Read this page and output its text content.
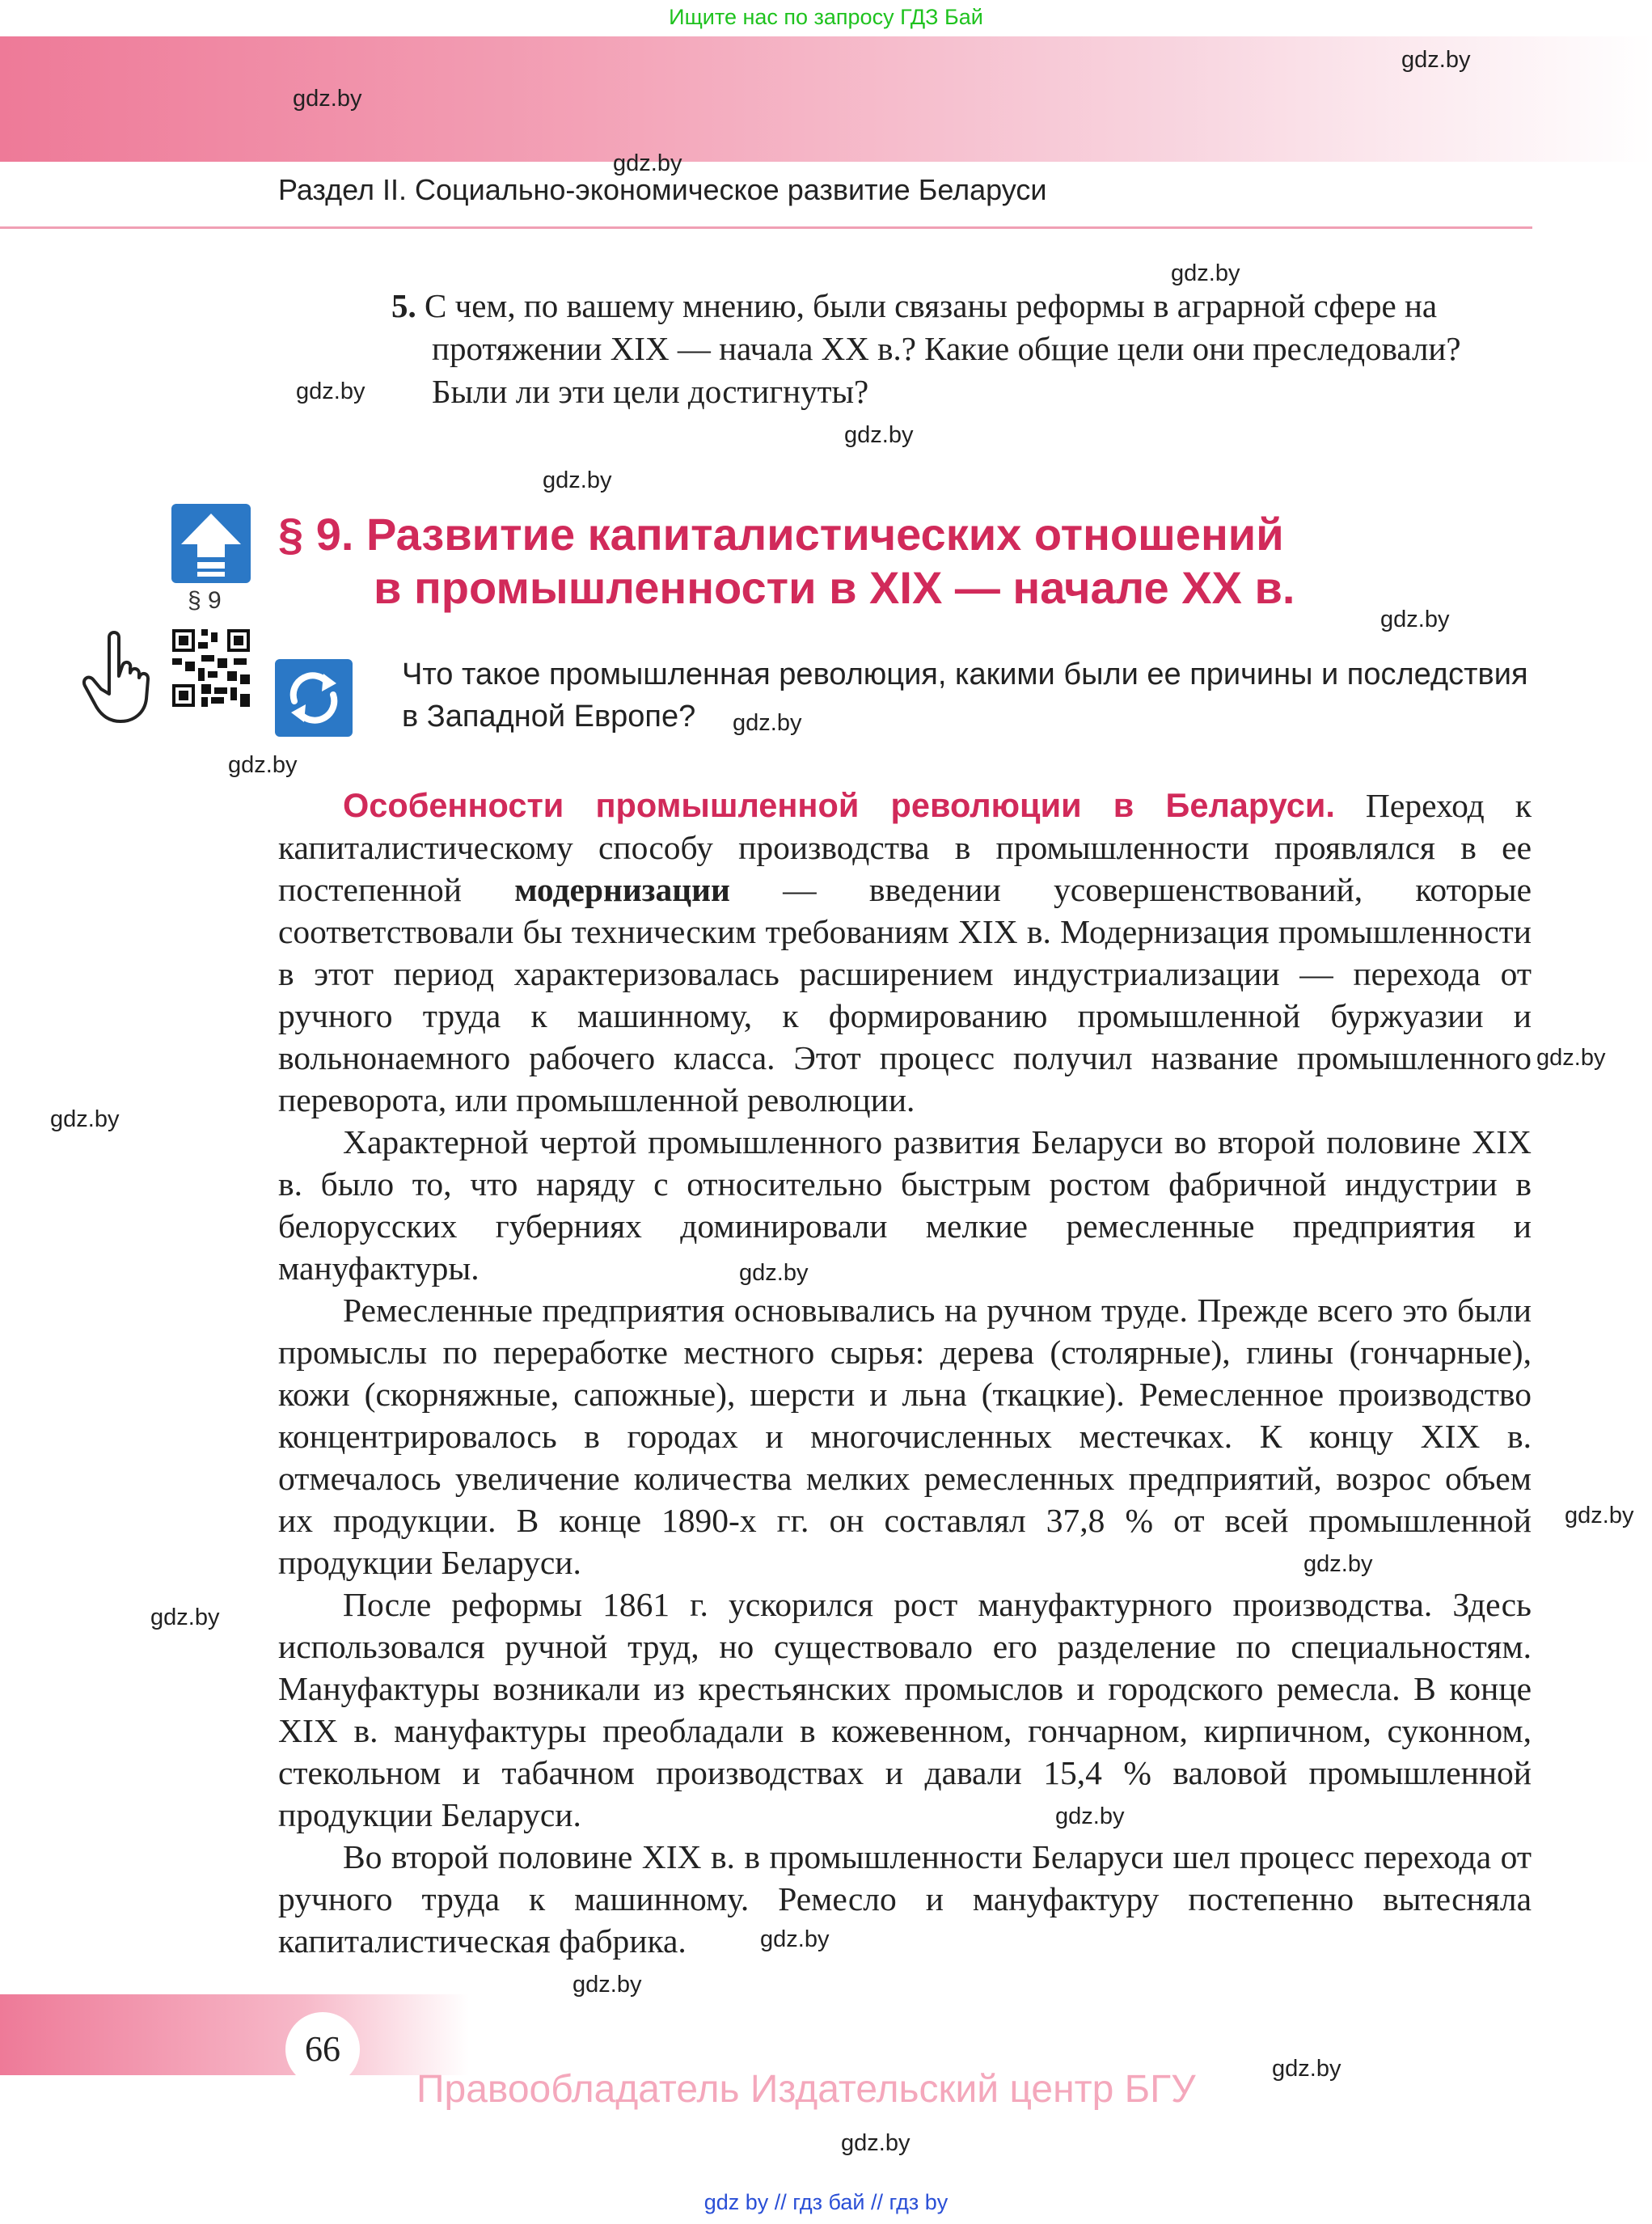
Ищите нас по запросу ГДЗ Бай
Раздел II. Социально-экономическое развитие Беларуси
gdz.by
gdz.by
gdz.by
gdz.by
gdz.by
gdz.by
gdz.by
gdz.by
gdz.by
gdz.by
gdz.by
gdz.by
gdz.by
gdz.by
gdz.by
gdz.by
gdz.by
gdz.by
gdz.by
gdz.by
gdz.by
5. С чем, по вашему мнению, были связаны реформы в аграрной сфере на протяжении XIX — начала XX в.? Какие общие цели они преследовали? Были ли эти цели достигнуты?
§ 9
§ 9. Развитие капиталистических отношений
в промышленности в XIX — начале XX в.
Что такое промышленная революция, какими были ее причины и последствия в Западной Европе?

Особенности промышленной революции в Беларуси. Переход к капиталистическому способу производства в промышленности проявлялся в ее постепенной модернизации — введении усовершенствований, которые соответствовали бы техническим требованиям XIX в. Модернизация промышленности в этот период характеризовалась расширением индустриализации — перехода от ручного труда к машинному, к формированию промышленной буржуазии и вольнонаемного рабочего класса. Этот процесс получил название промышленного переворота, или промышленной революции.

Характерной чертой промышленного развития Беларуси во второй половине XIX в. было то, что наряду с относительно быстрым ростом фабричной индустрии в белорусских губерниях доминировали мелкие ремесленные предприятия и мануфактуры.

Ремесленные предприятия основывались на ручном труде. Прежде всего это были промыслы по переработке местного сырья: дерева (столярные), глины (гончарные), кожи (скорняжные, сапожные), шерсти и льна (ткацкие). Ремесленное производство концентрировалось в городах и многочисленных местечках. К концу XIX в. отмечалось увеличение количества мелких ремесленных предприятий, возрос объем их продукции. В конце 1890-х гг. он составлял 37,8 % от всей промышленной продукции Беларуси.

После реформы 1861 г. ускорился рост мануфактурного производства. Здесь использовался ручной труд, но существовало его разделение по специальностям. Мануфактуры возникали из крестьянских промыслов и городского ремесла. В конце XIX в. мануфактуры преобладали в кожевенном, гончарном, кирпичном, суконном, стекольном и табачном производствах и давали 15,4 % валовой промышленной продукции Беларуси.

Во второй половине XIX в. в промышленности Беларуси шел процесс перехода от ручного труда к машинному. Ремесло и мануфактуру постепенно вытесняла капиталистическая фабрика.

66
Правообладатель Издательский центр БГУ
gdz by // гдз бай // гдз by
